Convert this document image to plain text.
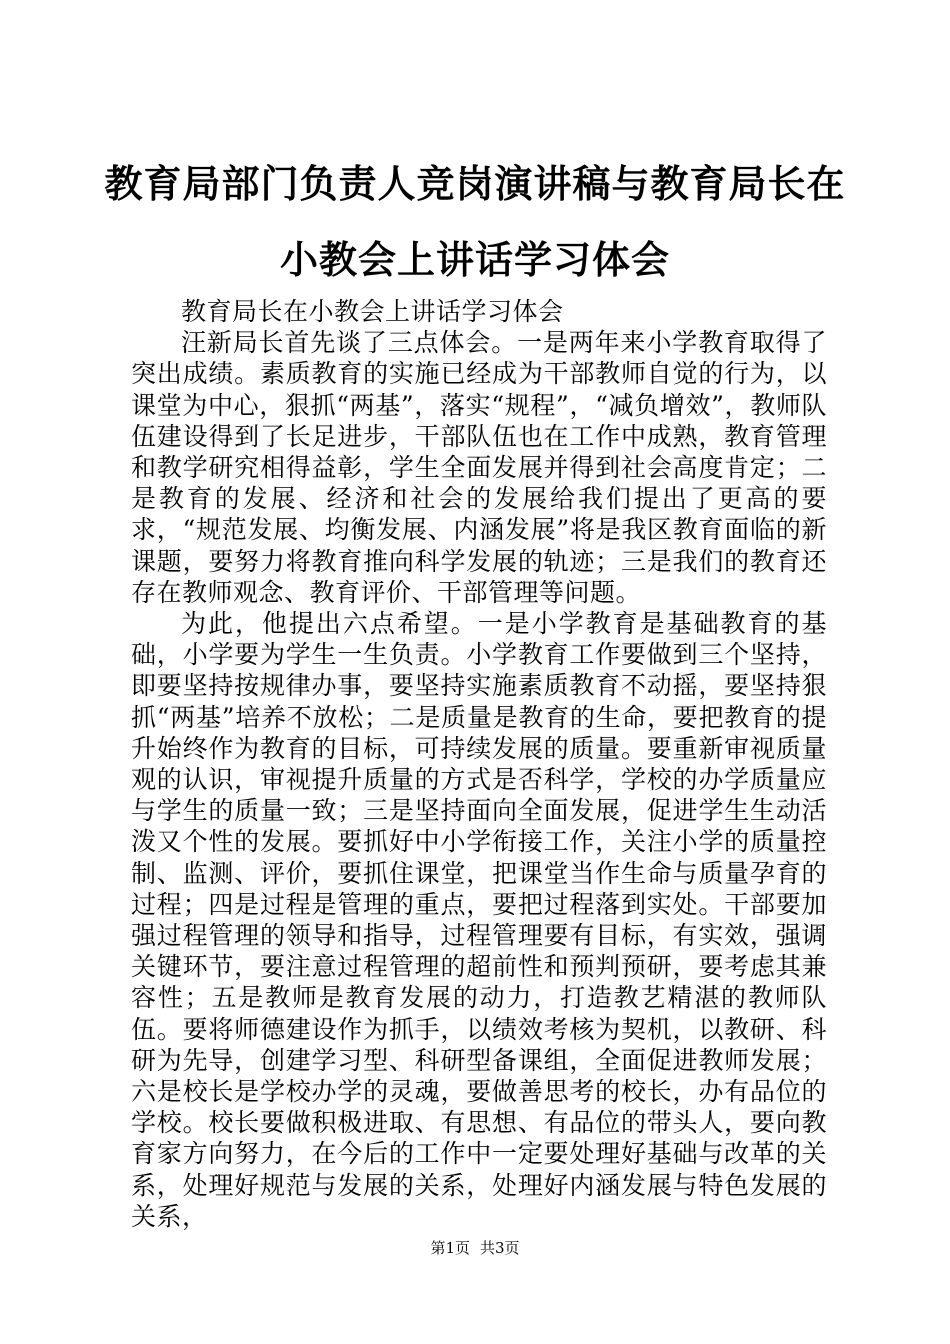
教育局部门负责人竞岗演讲稿与教育局长在小教会上讲话学习体会

教育局长在小教会上讲话学习体会

汪新局长首先谈了三点体会。一是两年来小学教育取得了突出成绩。素质教育的实施已经成为干部教师自觉的行为，以课堂为中心，狠抓“两基”，落实“规程”，“减负增效”，教师队伍建设得到了长足进步，干部队伍也在工作中成熟，教育管理和教学研究相得益彰，学生全面发展并得到社会高度肯定；二是教育的发展、经济和社会的发展给我们提出了更高的要求，“规范发展、均衡发展、内涵发展”将是我区教育面临的新课题，要努力将教育推向科学发展的轨迹；三是我们的教育还存在教师观念、教育评价、干部管理等问题。

为此，他提出六点希望。一是小学教育是基础教育的基础，小学要为学生一生负责。小学教育工作要做到三个坚持，即要坚持按规律办事，要坚持实施素质教育不动摇，要坚持狠抓“两基”培养不放松；二是质量是教育的生命，要把教育的提升始终作为教育的目标，可持续发展的质量。要重新审视质量观的认识，审视提升质量的方式是否科学，学校的办学质量应与学生的质量一致；三是坚持面向全面发展，促进学生生动活泼又个性的发展。要抓好中小学衔接工作，关注小学的质量控制、监测、评价，要抓住课堂，把课堂当作生命与质量孕育的过程；四是过程是管理的重点，要把过程落到实处。干部要加强过程管理的领导和指导，过程管理要有目标，有实效，强调关键环节，要注意过程管理的超前性和预判预研，要考虑其兼容性；五是教师是教育发展的动力，打造教艺精湛的教师队伍。要将师德建设作为抓手，以绩效考核为契机，以教研、科研为先导，创建学习型、科研型备课组，全面促进教师发展；六是校长是学校办学的灵魂，要做善思考的校长，办有品位的学校。校长要做积极进取、有思想、有品位的带头人，要向教育家方向努力，在今后的工作中一定要处理好基础与改革的关系，处理好规范与发展的关系，处理好内涵发展与特色发展的关系，

第1页 共3页
